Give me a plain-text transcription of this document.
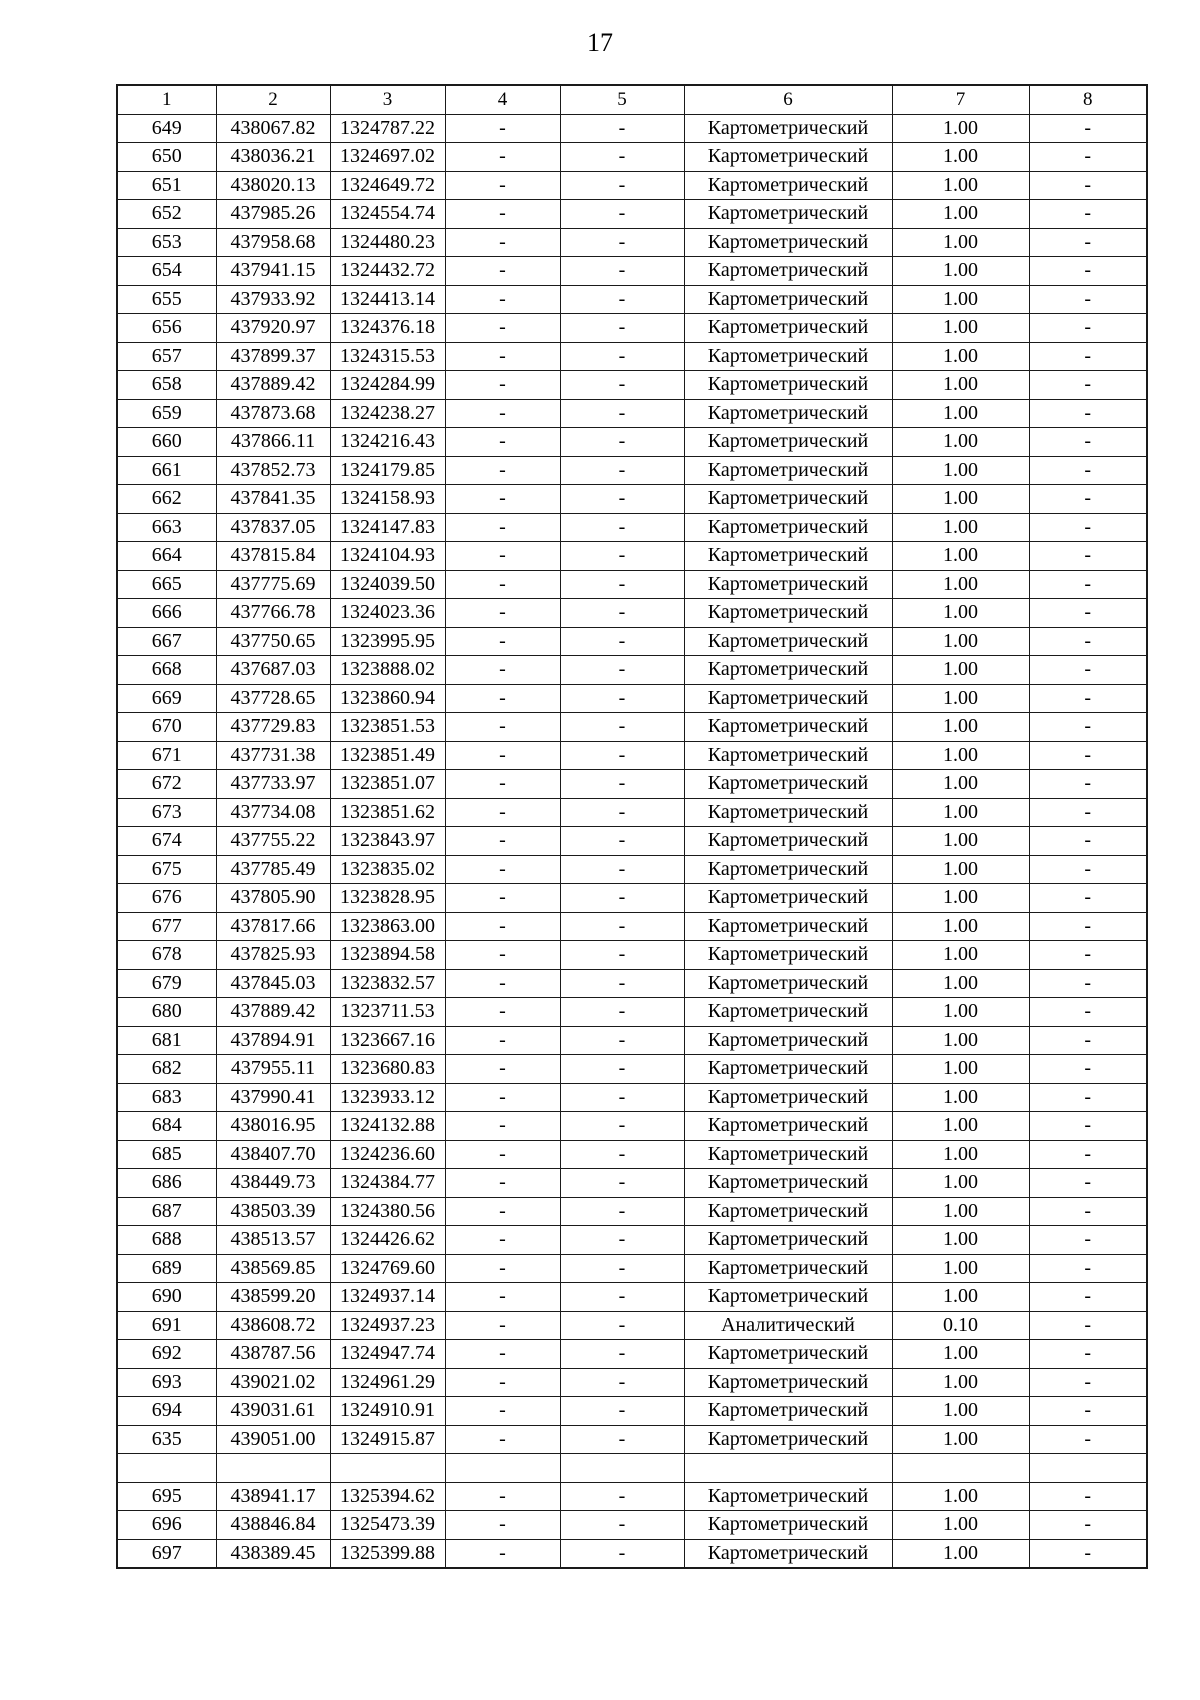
17
1	2	3	4	5	6	7	8
649	438067.82	1324787.22	-	-	Картометрический	1.00	-
650	438036.21	1324697.02	-	-	Картометрический	1.00	-
651	438020.13	1324649.72	-	-	Картометрический	1.00	-
652	437985.26	1324554.74	-	-	Картометрический	1.00	-
653	437958.68	1324480.23	-	-	Картометрический	1.00	-
654	437941.15	1324432.72	-	-	Картометрический	1.00	-
655	437933.92	1324413.14	-	-	Картометрический	1.00	-
656	437920.97	1324376.18	-	-	Картометрический	1.00	-
657	437899.37	1324315.53	-	-	Картометрический	1.00	-
658	437889.42	1324284.99	-	-	Картометрический	1.00	-
659	437873.68	1324238.27	-	-	Картометрический	1.00	-
660	437866.11	1324216.43	-	-	Картометрический	1.00	-
661	437852.73	1324179.85	-	-	Картометрический	1.00	-
662	437841.35	1324158.93	-	-	Картометрический	1.00	-
663	437837.05	1324147.83	-	-	Картометрический	1.00	-
664	437815.84	1324104.93	-	-	Картометрический	1.00	-
665	437775.69	1324039.50	-	-	Картометрический	1.00	-
666	437766.78	1324023.36	-	-	Картометрический	1.00	-
667	437750.65	1323995.95	-	-	Картометрический	1.00	-
668	437687.03	1323888.02	-	-	Картометрический	1.00	-
669	437728.65	1323860.94	-	-	Картометрический	1.00	-
670	437729.83	1323851.53	-	-	Картометрический	1.00	-
671	437731.38	1323851.49	-	-	Картометрический	1.00	-
672	437733.97	1323851.07	-	-	Картометрический	1.00	-
673	437734.08	1323851.62	-	-	Картометрический	1.00	-
674	437755.22	1323843.97	-	-	Картометрический	1.00	-
675	437785.49	1323835.02	-	-	Картометрический	1.00	-
676	437805.90	1323828.95	-	-	Картометрический	1.00	-
677	437817.66	1323863.00	-	-	Картометрический	1.00	-
678	437825.93	1323894.58	-	-	Картометрический	1.00	-
679	437845.03	1323832.57	-	-	Картометрический	1.00	-
680	437889.42	1323711.53	-	-	Картометрический	1.00	-
681	437894.91	1323667.16	-	-	Картометрический	1.00	-
682	437955.11	1323680.83	-	-	Картометрический	1.00	-
683	437990.41	1323933.12	-	-	Картометрический	1.00	-
684	438016.95	1324132.88	-	-	Картометрический	1.00	-
685	438407.70	1324236.60	-	-	Картометрический	1.00	-
686	438449.73	1324384.77	-	-	Картометрический	1.00	-
687	438503.39	1324380.56	-	-	Картометрический	1.00	-
688	438513.57	1324426.62	-	-	Картометрический	1.00	-
689	438569.85	1324769.60	-	-	Картометрический	1.00	-
690	438599.20	1324937.14	-	-	Картометрический	1.00	-
691	438608.72	1324937.23	-	-	Аналитический	0.10	-
692	438787.56	1324947.74	-	-	Картометрический	1.00	-
693	439021.02	1324961.29	-	-	Картометрический	1.00	-
694	439031.61	1324910.91	-	-	Картометрический	1.00	-
635	439051.00	1324915.87	-	-	Картометрический	1.00	-

695	438941.17	1325394.62	-	-	Картометрический	1.00	-
696	438846.84	1325473.39	-	-	Картометрический	1.00	-
697	438389.45	1325399.88	-	-	Картометрический	1.00	-
